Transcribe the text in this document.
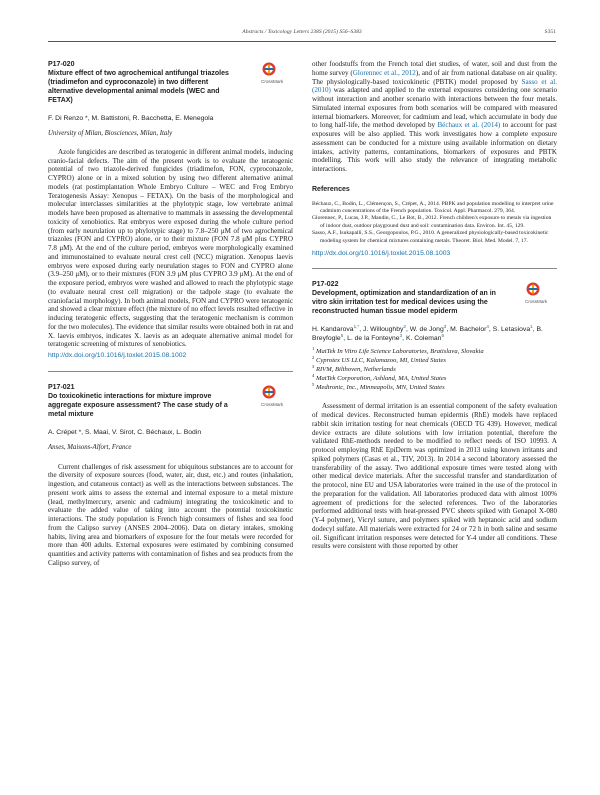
Abstracts / Toxicology Letters 238S (2015) S56–S383	S351
P17-020
Mixture effect of two agrochemical antifungal triazoles (triadimefon and cyproconazole) in two different alternative developmental animal models (WEC and FETAX)
CrossMark
F. Di Renzo *, M. Battistoni, R. Bacchetta, E. Menegola
University of Milan, Biosciences, Milan, Italy

Azole fungicides are described as teratogenic in different animal models, inducing cranio-facial defects. The aim of the present work is to evaluate the teratogenic potential of two triazole-derived fungicides (triadimefon, FON, cyproconazole, CYPRO) alone or in a mixed solution by using two different alternative animal models (rat postimplantation Whole Embryo Culture – WEC and Frog Embryo Teratogenesis Assay: Xenopus – FETAX). On the basis of the morphological and molecular interclasses similarities at the phylotypic stage, low vertebrate animal models have been proposed as alternative to mammals in assessing the developmental toxicity of xenobiotics. Rat embryos were exposed during the whole culture period (from early neurulation up to phylotypic stage) to 7.8–250 μM of two agrochemical triazoles (FON and CYPRO) alone, or to their mixture (FON 7.8 μM plus CYPRO 7.8 μM). At the end of the culture period, embryos were morphologically examined and immunostained to evaluate neural crest cell (NCC) migration. Xenopus laevis embryos were exposed during early neurulation stages to FON and CYPRO alone (3.9–250 μM), or to their mixtures (FON 3.9 μM plus CYPRO 3.9 μM). At the end of the exposure period, embryos were washed and allowed to reach the phylotypic stage (to evaluate neural crest cell migration) or the tadpole stage (to evaluate the craniofacial morphology). In both animal models, FON and CYPRO were teratogenic and showed a clear mixture effect (the mixture of no effect levels resulted effective in inducing teratogenic effects, suggesting that the teratogenic mechanism is common for the two molecules). The evidence that similar results were obtained both in rat and X. laevis embryos, indicates X. laevis as an adequate alternative animal model for teratogenic screening of mixtures of xenobiotics.

http://dx.doi.org/10.1016/j.toxlet.2015.08.1002
P17-021
Do toxicokinetic interactions for mixture improve aggregate exposure assessment? The case study of a metal mixture
CrossMark
A. Crépet *, S. Maai, V. Sirot, C. Béchaux, L. Bodin
Anses, Maisons-Alfort, France

Current challenges of risk assessment for ubiquitous substances are to account for the diversity of exposure sources (food, water, air, dust, etc.) and routes (inhalation, ingestion, and cutaneous contact) as well as the interactions between substances. The present work aims to assess the external and internal exposure to a metal mixture (lead, methylmercury, arsenic and cadmium) integrating the toxicokinetic and to evaluate the added value of taking into account the potential toxicokinetic interactions. The study population is French high consumers of fishes and sea food from the Calipso survey (ANSES 2004–2006). Data on dietary intakes, smoking habits, living area and biomarkers of exposure for the four metals were recorded for more than 400 adults. External exposures were estimated by combining consumed quantities and activity patterns with contamination of fishes and sea products from the Calipso survey, of

other foodstuffs from the French total diet studies, of water, soil and dust from the home survey (Glorennec et al., 2012), and of air from national database on air quality. The physiologically-based toxicokinetic (PBTK) model proposed by Sasso et al. (2010) was adapted and applied to the external exposures considering one scenario without interaction and another scenario with interactions between the four metals. Simulated internal exposures from both scenarios will be compared with measured internal biomarkers. Moreover, for cadmium and lead, which accumulate in body due to long half-life, the method developed by Béchaux et al. (2014) to account for past exposures will be also applied. This work investigates how a complete exposure assessment can be conducted for a mixture using available information on dietary intakes, activity patterns, contaminations, biomarkers of exposures and PBTK modelling. This work will also study the relevance of integrating metabolic interactions.

References
Béchaux, C., Bodin, L., Clémençon, S., Crépet, A., 2014. PBPK and population modelling to interpret urine cadmium concentrations of the French population. Toxicol. Appl. Pharmacol. 279, 364.
Glorennec, P., Lucas, J.P., Mandin, C., Le Bot, B., 2012. French children's exposure to metals via ingestion of indoor dust, outdoor playground dust and soil: contamination data. Environ. Int. 45, 129.
Sasso, A.F., Isukapalli, S.S., Georgopoulos, P.G., 2010. A generalized physiologically-based toxicokinetic modeling system for chemical mixtures containing metals. Theoret. Biol. Med. Model. 7, 17.
http://dx.doi.org/10.1016/j.toxlet.2015.08.1003
P17-022
Development, optimization and standardization of an in vitro skin irritation test for medical devices using the reconstructed human tissue model epiderm
CrossMark
H. Kandarova$^{1,*}$, J. Willoughby$^2$, W. de Jong$^3$, M. Bachelor$^4$, S. Letasiova$^1$, B. Breyfogle$^5$, L. de la Fonteyne$^3$, K. Coleman$^5$
$^1$ MatTek In Vitro Life Science Laboratories, Bratislava, Slovakia
$^2$ Cyprotex US LLC, Kalamazoo, MI, United States
$^3$ RIVM, Bilthoven, Netherlands
$^4$ MatTek Corporation, Ashland, MA, United States
$^5$ Medtronic, Inc., Minneapolis, MN, United States

Assessment of dermal irritation is an essential component of the safety evaluation of medical devices. Reconstructed human epidermis (RhE) models have replaced rabbit skin irritation testing for neat chemicals (OECD TG 439). However, medical device extracts are dilute solutions with low irritation potential, therefore the validated RhE-methods needed to be modified to reflect needs of ISO 10993. A protocol employing RhE EpiDerm was optimized in 2013 using known irritants and spiked polymers (Casas et al., TIV, 2013). In 2014 a second laboratory assessed the transferability of the assay. Two additional exposure times were tested along with other medical device materials. After the successful transfer and standardization of the protocol, nine EU and USA laboratories were trained in the use of the protocol in the preparation for the validation. All laboratories produced data with almost 100% agreement of predictions for the selected references. Two of the laboratories performed additional tests with heat-pressed PVC sheets spiked with Genapol X-080 (Y-4 polymer), Vicryl suture, and polymers spiked with heptanoic acid and sodium dodecyl sulfate. All materials were extracted for 24 or 72 h in both saline and sesame oil. Significant irritation responses were detected for Y-4 under all conditions. These results were consistent with those reported by other
